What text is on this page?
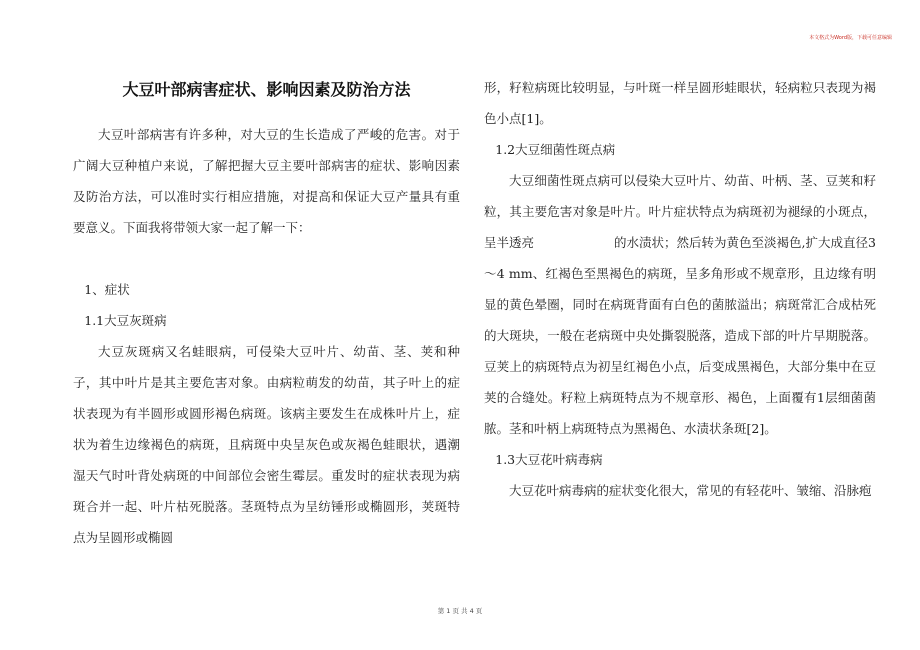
本文格式为Word版，下载可任意编辑
大豆叶部病害症状、影响因素及防治方法

大豆叶部病害有许多种，对大豆的生长造成了严峻的危害。对于广阔大豆种植户来说，了解把握大豆主要叶部病害的症状、影响因素及防治方法，可以准时实行相应措施，对提高和保证大豆产量具有重要意义。下面我将带领大家一起了解一下：

1、症状
1.1大豆灰斑病

大豆灰斑病又名蛙眼病，可侵染大豆叶片、幼苗、茎、荚和种子，其中叶片是其主要危害对象。由病粒萌发的幼苗，其子叶上的症状表现为有半圆形或圆形褐色病斑。该病主要发生在成株叶片上，症状为着生边缘褐色的病斑，且病斑中央呈灰色或灰褐色蛙眼状，遇潮湿天气时叶背处病斑的中间部位会密生霉层。重发时的症状表现为病斑合并一起、叶片枯死脱落。茎斑特点为呈纺锤形或椭圆形，荚斑特点为呈圆形或椭圆

形，籽粒病斑比较明显，与叶斑一样呈圆形蛙眼状，轻病粒只表现为褐色小点[1]。

1.2大豆细菌性斑点病

大豆细菌性斑点病可以侵染大豆叶片、幼苗、叶柄、茎、豆荚和籽粒，其主要危害对象是叶片。叶片症状特点为病斑初为褪绿的小斑点，呈半透亮	的水渍状；然后转为黄色至淡褐色,扩大成直径3～4 mm、红褐色至黑褐色的病斑，呈多角形或不规章形，且边缘有明显的黄色晕圈，同时在病斑背面有白色的菌脓溢出；病斑常汇合成枯死的大斑块，一般在老病斑中央处撕裂脱落，造成下部的叶片早期脱落。豆荚上的病斑特点为初呈红褐色小点，后变成黑褐色，大部分集中在豆荚的合缝处。籽粒上病斑特点为不规章形、褐色，上面覆有1层细菌菌脓。茎和叶柄上病斑特点为黑褐色、水渍状条斑[2]。

1.3大豆花叶病毒病

大豆花叶病毒病的症状变化很大，常见的有轻花叶、皱缩、沿脉疱

第 1 页 共 4 页
